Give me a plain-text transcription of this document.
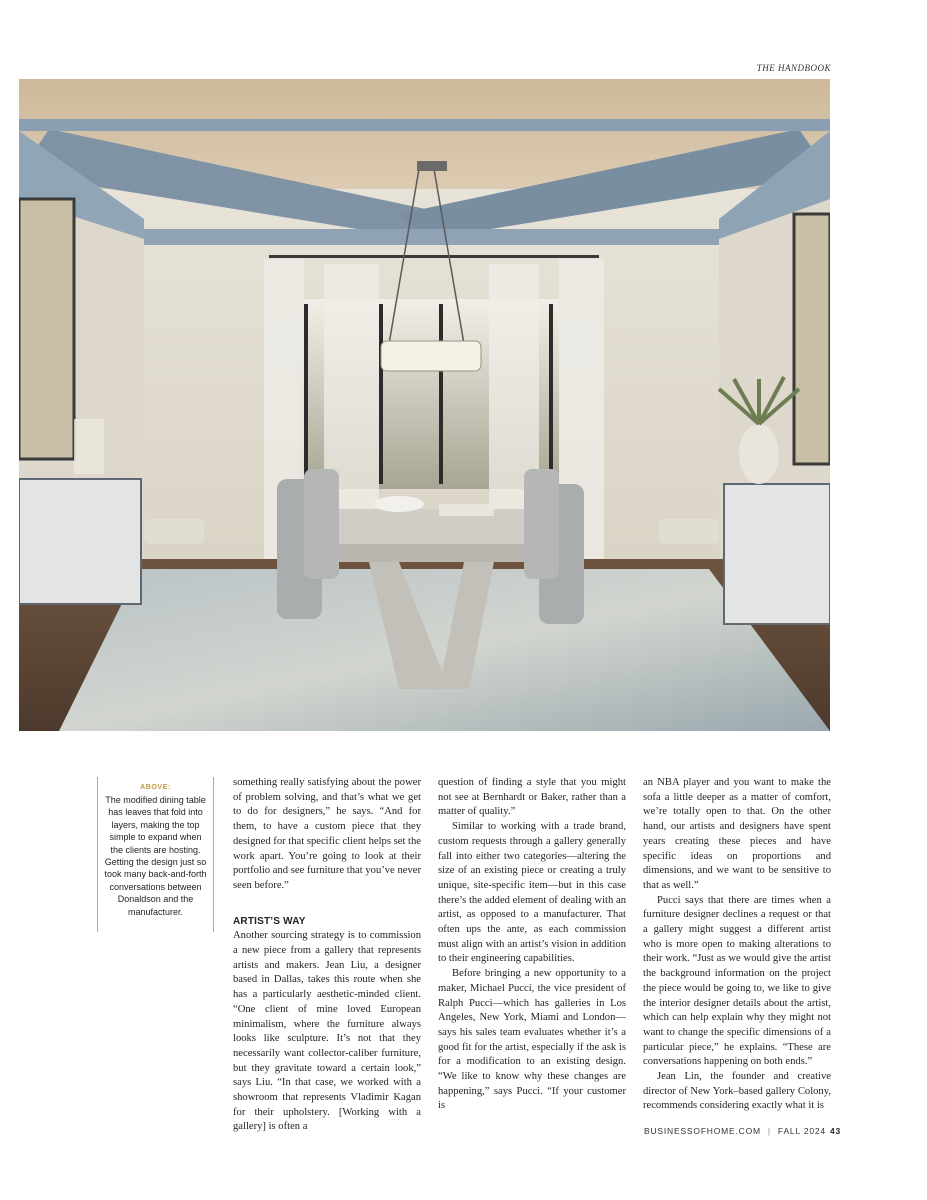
THE HANDBOOK
ABOVE:
The modified dining table has leaves that fold into layers, making the top simple to expand when the clients are hosting. Getting the design just so took many back-and-forth conversations between Donaldson and the manufacturer.

something really satisfying about the power of problem solving, and that’s what we get to do for designers,” he says. “And for them, to have a custom piece that they designed for that specific client helps set the work apart. You’re going to look at their portfolio and see furniture that you’ve never seen before.”

ARTIST’S WAY

Another sourcing strategy is to commission a new piece from a gallery that represents artists and makers. Jean Liu, a designer based in Dallas, takes this route when she has a particularly aesthetic-minded client. “One client of mine loved European minimalism, where the furniture always looks like sculpture. It’s not that they necessarily want collector-caliber furniture, but they gravitate toward a certain look,” says Liu. “In that case, we worked with a showroom that represents Vladimir Kagan for their upholstery. [Working with a gallery] is often a

question of finding a style that you might not see at Bernhardt or Baker, rather than a matter of quality.”

Similar to working with a trade brand, custom requests through a gallery generally fall into either two categories—altering the size of an existing piece or creating a truly unique, site-specific item—but in this case there’s the added element of dealing with an artist, as opposed to a manufacturer. That often ups the ante, as each commission must align with an artist’s vision in addition to their engineering capabilities.

Before bringing a new opportunity to a maker, Michael Pucci, the vice president of Ralph Pucci—which has galleries in Los Angeles, New York, Miami and London—says his sales team evaluates whether it’s a good fit for the artist, especially if the ask is for a modification to an existing design. “We like to know why these changes are happening,” says Pucci. “If your customer is

an NBA player and you want to make the sofa a little deeper as a matter of comfort, we’re totally open to that. On the other hand, our artists and designers have spent years creating these pieces and have specific ideas on proportions and dimensions, and we want to be sensitive to that as well.”

Pucci says that there are times when a furniture designer declines a request or that a gallery might suggest a different artist who is more open to making alterations to their work. “Just as we would give the artist the background information on the project the piece would be going to, we like to give the interior designer details about the artist, which can help explain why they might not want to change the specific dimensions of a particular piece,” he explains. “These are conversations happening on both ends.”

Jean Lin, the founder and creative director of New York–based gallery Colony, recommends considering exactly what it is

BUSINESSOFHOME.COM | FALL 2024 43
